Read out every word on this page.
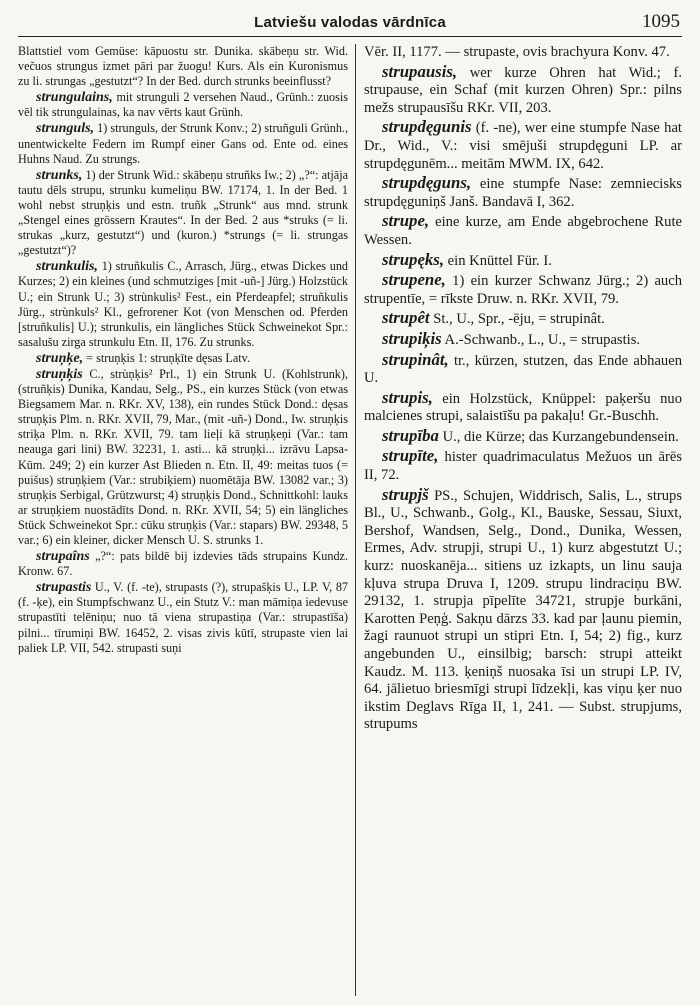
Latviešu valodas vārdnīca	1095

Blattstiel vom Gemüse: kāpuostu str. Dunika. skābeņu str. Wid. večuos strungus izmet pāri par žuogu! Kurs. Als ein Kuronismus zu li. strungas „gestutzt“? In der Bed. durch strunks beeinflusst?

strungulains, mit strunguli 2 versehen Naud., Grünh.: zuosis vēl tik strungulainas, ka nav vērts kaut Grünh.

strunguls, 1) strunguls, der Strunk Konv.; 2) struñguli Grünh., unentwickelte Federn im Rumpf einer Gans od. Ente od. eines Huhns Naud. Zu strungs.

strunks, 1) der Strunk Wid.: skābeņu struñks Iw.; 2) „?“: atjāja tautu dēls strupu, strunku kumeliņu BW. 17174, 1. In der Bed. 1 wohl nebst struņķis und estn. truñk „Strunk“ aus mnd. strunk „Stengel eines grössern Krautes“. In der Bed. 2 aus *struks (= li. strukas „kurz, gestutzt“) und (kuron.) *strungs (= li. strungas „gestutzt“)?

strunkulis, 1) struñkulis C., Arrasch, Jürg., etwas Dickes und Kurzes; 2) ein kleines (und schmutziges [mit -uñ-] Jürg.) Holzstück U.; ein Strunk U.; 3) strùnkulis² Fest., ein Pferdeapfel; struñkulis Jürg., strùnkuls² Kl., gefrorener Kot (von Menschen od. Pferden [struñkulis] U.); strunkulis, ein längliches Stück Schweinekot Spr.: sasalušu zirga strunkulu Etn. II, 176. Zu strunks.

struņķe, = struņķis 1: struņķīte dęsas Latv.

struņķis C., strùņķis² Prl., 1) ein Strunk U. (Kohlstrunk), (struñķis) Dunika, Kandau, Selg., PS., ein kurzes Stück (von etwas Biegsamem Mar. n. RKr. XV, 138), ein rundes Stück Dond.: dęsas struņķis Plm. n. RKr. XVII, 79, Mar., (mit -uñ-) Dond., Iw. struņķis striķa Plm. n. RKr. XVII, 79. tam lieļi kā struņķeņi (Var.: tam neauga gari lini) BW. 32231, 1. asti... kā struņķi... izrāvu Lapsa-Kūm. 249; 2) ein kurzer Ast Blieden n. Etn. II, 49: meitas tuos (= puišus) struņķiem (Var.: strubiķiem) nuomētāja BW. 13082 var.; 3) struņķis Serbigal, Grützwurst; 4) struņķis Dond., Schnittkohl: lauks ar struņķiem nuostādīts Dond. n. RKr. XVII, 54; 5) ein längliches Stück Schweinekot Spr.: cūku struņķis (Var.: stapars) BW. 29348, 5 var.; 6) ein kleiner, dicker Mensch U. S. strunks 1.

strupaîns „?“: pats bildē bij izdevies tāds strupains Kundz. Kronw. 67.

strupastis U., V. (f. -te), strupasts (?), strupašķis U., LP. V, 87 (f. -ķe), ein Stumpfschwanz U., ein Stutz V.: man māmiņa iedevuse strupastīti telēniņu; nuo tā viena strupastiņa (Var.: strupastīša) pilni... tīrumiņi BW. 16452, 2. visas zivis kūtī, strupaste vien lai paliek LP. VII, 542. strupasti suņi

Vēr. II, 1177. — strupaste, ovis brachyura Konv. 47.

strupausis, wer kurze Ohren hat Wid.; f. strupause, ein Schaf (mit kurzen Ohren) Spr.: pilns mežs strupausīšu RKr. VII, 203.

strupdęgunis (f. -ne), wer eine stumpfe Nase hat Dr., Wid., V.: visi smējuši strupdęguni LP. ar strupdęgunēm... meitām MWM. IX, 642.

strupdęguns, eine stumpfe Nase: zemniecisks strupdęguniņš Janš. Bandavā I, 362.

strupe, eine kurze, am Ende abgebrochene Rute Wessen.

strupęks, ein Knüttel Für. I.

strupene, 1) ein kurzer Schwanz Jürg.; 2) auch strupentīe, = rīkste Druw. n. RKr. XVII, 79.

strupêt St., U., Spr., -ēju, = strupinât.

strupiķis A.-Schwanb., L., U., = strupastis.

strupinât, tr., kürzen, stutzen, das Ende abhauen U.

strupis, ein Holzstück, Knüppel: paķeršu nuo malcienes strupi, salaistīšu pa pakaļu! Gr.-Buschh.

strupība U., die Kürze; das Kurzangebundensein.

strupīte, hister quadrimaculatus Mežuos un ārēs II, 72.

strupjš PS., Schujen, Widdrisch, Salis, L., strups Bl., U., Schwanb., Golg., Kl., Bauske, Sessau, Siuxt, Bershof, Wandsen, Selg., Dond., Dunika, Wessen, Ermes, Adv. strupji, strupi U., 1) kurz abgestutzt U.; kurz: nuoskanēja... sitiens uz izkapts, un linu sauja kļuva strupa Druva I, 1209. strupu lindraciņu BW. 29132, 1. strupja pīpelīte 34721, strupje burkāni, Karotten Peņģ. Sakņu dārzs 33. kad par ļaunu piemin, žagi raunuot strupi un stipri Etn. I, 54; 2) fig., kurz angebunden U., einsilbig; barsch: strupi atteikt Kaudz. M. 113. ķeniņš nuosaka īsi un strupi LP. IV, 64. jālietuo briesmīgi strupi līdzekļi, kas viņu ķer nuo ikstim Deglavs Rīga II, 1, 241. — Subst. strupjums, strupums
